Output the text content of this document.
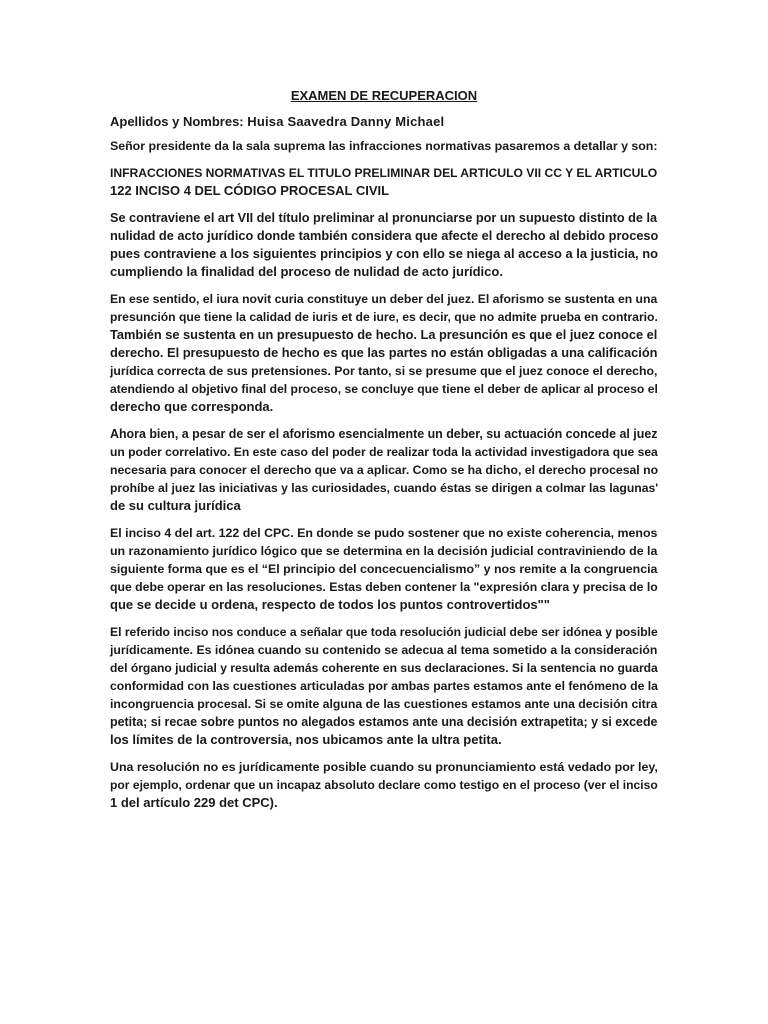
EXAMEN DE RECUPERACION

Apellidos y Nombres: Huisa Saavedra Danny Michael

Señor presidente da la sala suprema las infracciones normativas pasaremos a detallar y son:

INFRACCIONES NORMATIVAS EL TITULO PRELIMINAR DEL ARTICULO VII CC Y EL ARTICULO
122 INCISO 4 DEL CÓDIGO PROCESAL CIVIL

Se contraviene el art VII del título preliminar al pronunciarse por un supuesto distinto de la
nulidad de acto jurídico donde también considera que afecte el derecho al debido proceso
pues contraviene a los siguientes principios y con ello se niega al acceso a la justicia, no
cumpliendo la finalidad del proceso de nulidad de acto jurídico.

En ese sentido, el iura novit curia constituye un deber del juez. El aforismo se sustenta en una
presunción que tiene la calidad de iuris et de iure, es decir, que no admite prueba en contrario.
También se sustenta en un presupuesto de hecho. La presunción es que el juez conoce el
derecho. El presupuesto de hecho es que las partes no están obligadas a una calificación
jurídica correcta de sus pretensiones. Por tanto, si se presume que el juez conoce el derecho,
atendiendo al objetivo final del proceso, se concluye que tiene el deber de aplicar al proceso el
derecho que corresponda.

Ahora bien, a pesar de ser el aforismo esencialmente un deber, su actuación concede al juez
un poder correlativo. En este caso del poder de realizar toda la actividad investigadora que sea
necesaria para conocer el derecho que va a aplicar. Como se ha dicho, el derecho procesal no
prohíbe al juez las iniciativas y las curiosidades, cuando éstas se dirigen a colmar las lagunas'
de su cultura jurídica

El inciso 4 del art. 122 del CPC. En donde se pudo sostener que no existe coherencia, menos
un razonamiento jurídico lógico que se determina en la decisión judicial contraviniendo de la
siguiente forma que es el “El principio del concecuencialismo” y nos remite a la congruencia
que debe operar en las resoluciones. Estas deben contener la "expresión clara y precisa de lo
que se decide u ordena, respecto de todos los puntos controvertidos""

El referido inciso nos conduce a señalar que toda resolución judicial debe ser idónea y posible
jurídicamente. Es idónea cuando su contenido se adecua al tema sometido a la consideración
del órgano judicial y resulta además coherente en sus declaraciones. Si la sentencia no guarda
conformidad con las cuestiones articuladas por ambas partes estamos ante el fenómeno de la
incongruencia procesal. Si se omite alguna de las cuestiones estamos ante una decisión citra
petita; si recae sobre puntos no alegados estamos ante una decisión extrapetita; y si excede
los límites de la controversia, nos ubicamos ante la ultra petita.

Una resolución no es jurídicamente posible cuando su pronunciamiento está vedado por ley,
por ejemplo, ordenar que un incapaz absoluto declare como testigo en el proceso (ver el inciso
1 del artículo 229 det CPC).
